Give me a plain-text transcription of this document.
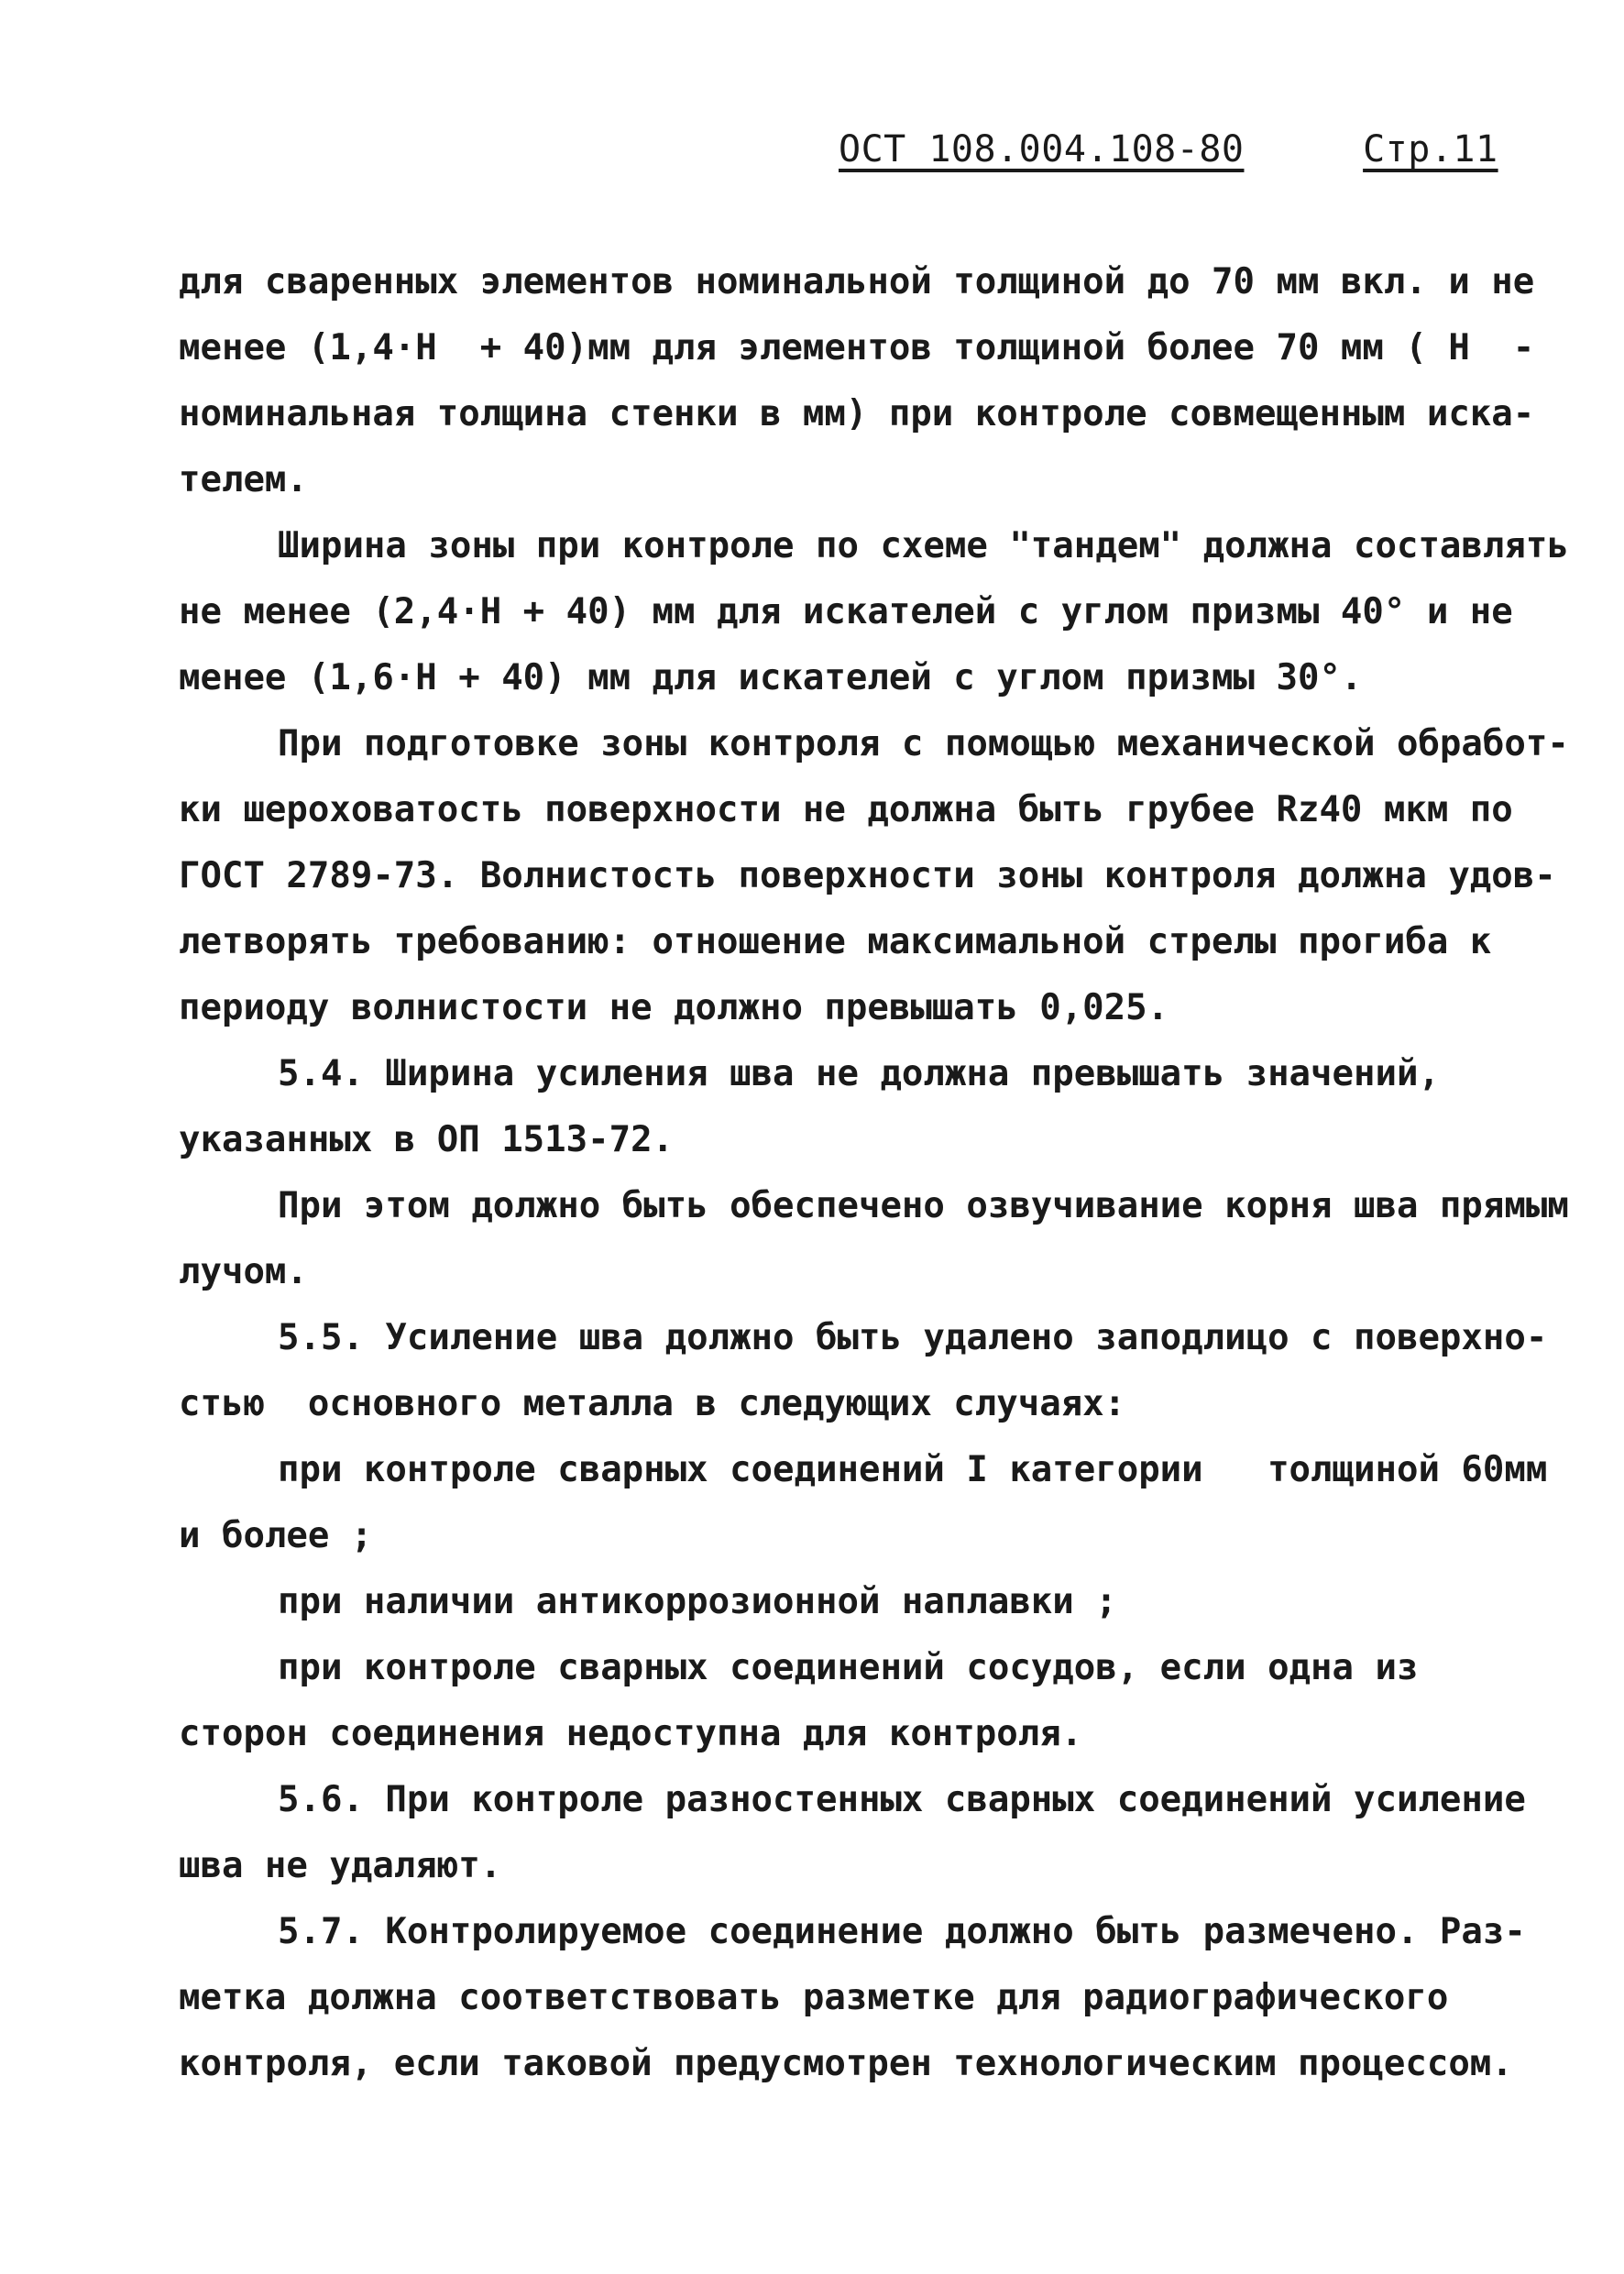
ОСТ 108.004.108-80	Стр.11
для сваренных элементов номинальной толщиной до 70 мм вкл. и не
менее (1,4·Н  + 40)мм для элементов толщиной более 70 мм ( Н  -
номинальная толщина стенки в мм) при контроле совмещенным иска-
телем.
Ширина зоны при контроле по схеме "тандем" должна составлять
не менее (2,4·Н + 40) мм для искателей с углом призмы 40° и не
менее (1,6·Н + 40) мм для искателей с углом призмы 30°.
При подготовке зоны контроля с помощью механической обработ-
ки шероховатость поверхности не должна быть грубее Rz40 мкм по
ГОСТ 2789-73. Волнистость поверхности зоны контроля должна удов-
летворять требованию: отношение максимальной стрелы прогиба к
периоду волнистости не должно превышать 0,025.
5.4. Ширина усиления шва не должна превышать значений,
указанных в ОП 1513-72.
При этом должно быть обеспечено озвучивание корня шва прямым
лучом.
5.5. Усиление шва должно быть удалено заподлицо с поверхно-
стью  основного металла в следующих случаях:
при контроле сварных соединений I категории   толщиной 60мм
и более ;
при наличии антикоррозионной наплавки ;
при контроле сварных соединений сосудов, если одна из
сторон соединения недоступна для контроля.
5.6. При контроле разностенных сварных соединений усиление
шва не удаляют.
5.7. Контролируемое соединение должно быть размечено. Раз-
метка должна соответствовать разметке для радиографического
контроля, если таковой предусмотрен технологическим процессом.
